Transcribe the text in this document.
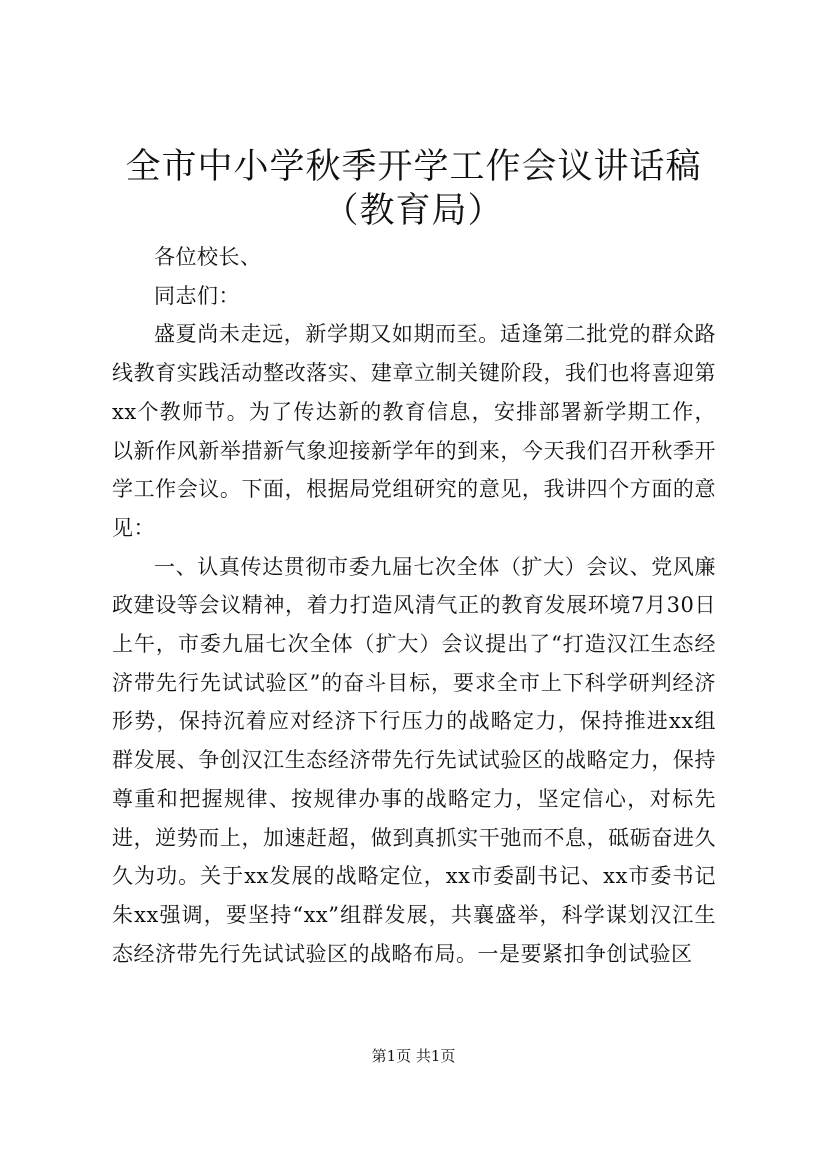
全市中小学秋季开学工作会议讲话稿（教育局）

各位校长、

同志们：

盛夏尚未走远，新学期又如期而至。适逢第二批党的群众路线教育实践活动整改落实、建章立制关键阶段，我们也将喜迎第xx个教师节。为了传达新的教育信息，安排部署新学期工作，以新作风新举措新气象迎接新学年的到来，今天我们召开秋季开学工作会议。下面，根据局党组研究的意见，我讲四个方面的意见：

一、认真传达贯彻市委九届七次全体（扩大）会议、党风廉政建设等会议精神，着力打造风清气正的教育发展环境7月30日上午，市委九届七次全体（扩大）会议提出了“打造汉江生态经济带先行先试试验区”的奋斗目标，要求全市上下科学研判经济形势，保持沉着应对经济下行压力的战略定力，保持推进xx组群发展、争创汉江生态经济带先行先试试验区的战略定力，保持尊重和把握规律、按规律办事的战略定力，坚定信心，对标先进，逆势而上，加速赶超，做到真抓实干弛而不息，砥砺奋进久久为功。关于xx发展的战略定位，xx市委副书记、xx市委书记朱xx强调，要坚持“xx”组群发展，共襄盛举，科学谋划汉江生态经济带先行先试试验区的战略布局。一是要紧扣争创试验区

第1页 共1页
